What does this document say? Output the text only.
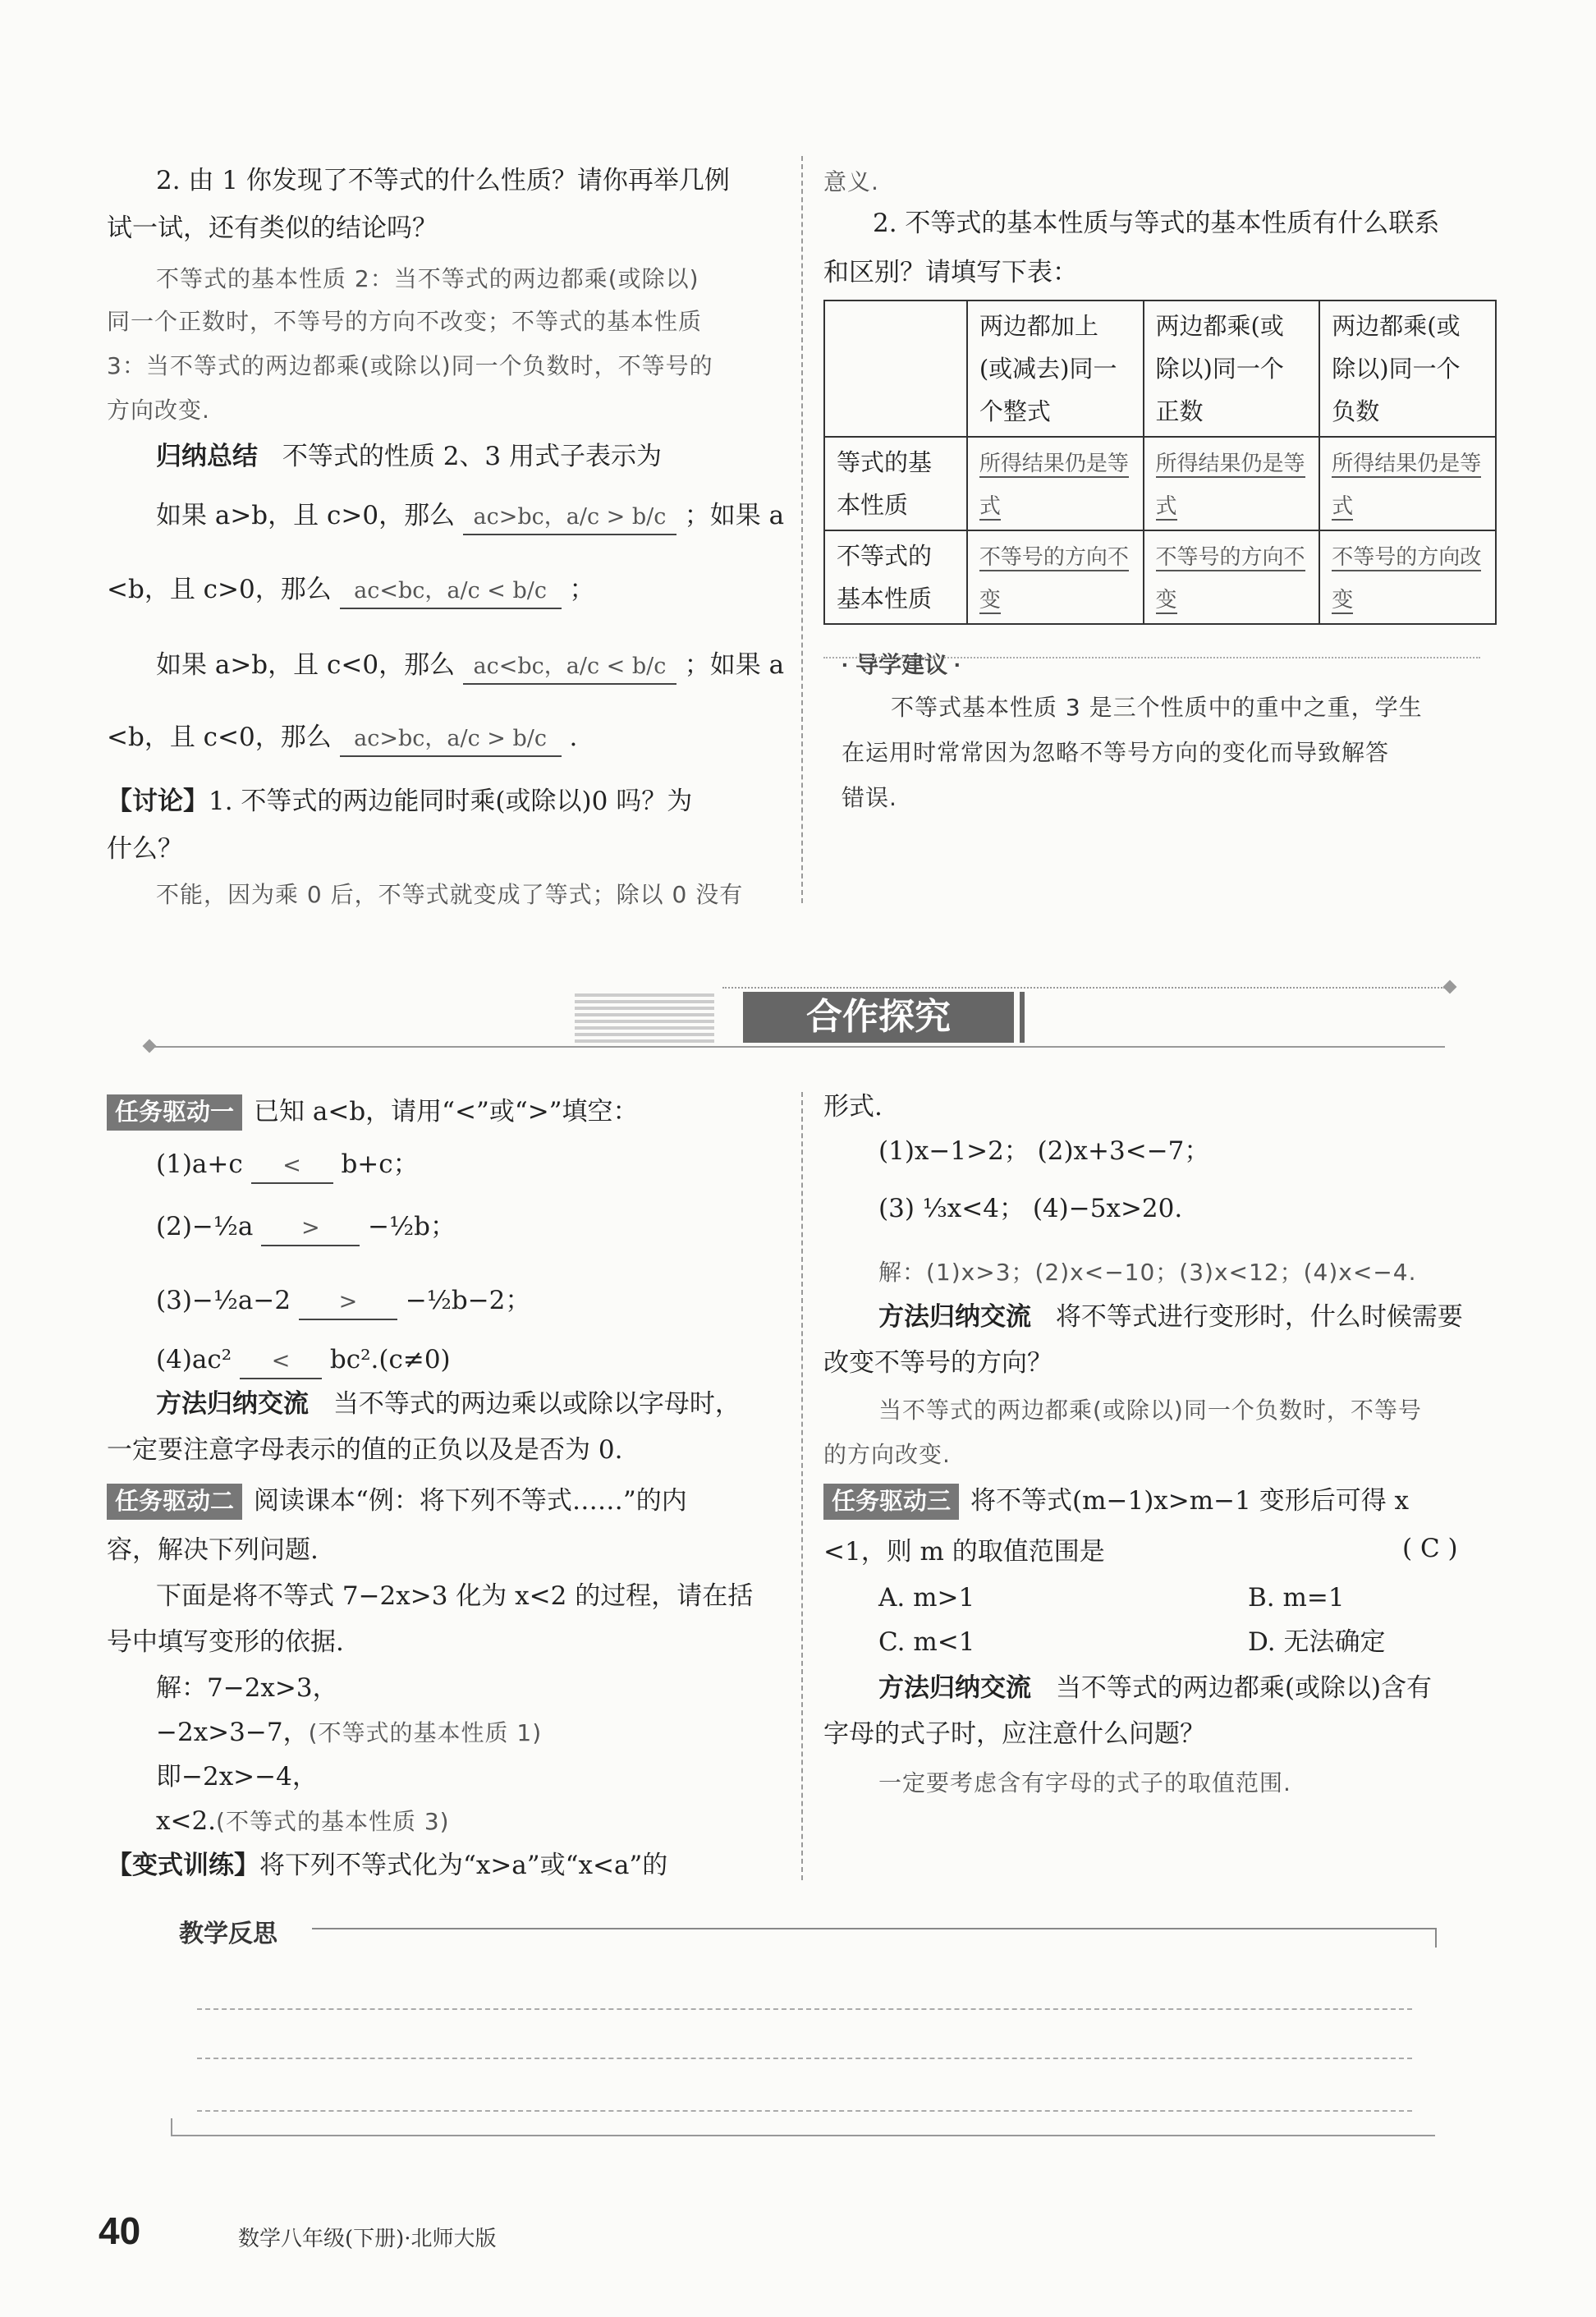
2. 由 1 你发现了不等式的什么性质？请你再举几例
试一试，还有类似的结论吗？
不等式的基本性质 2：当不等式的两边都乘(或除以)
同一个正数时，不等号的方向不改变；不等式的基本性质
3：当不等式的两边都乘(或除以)同一个负数时，不等号的
方向改变.
归纳总结 不等式的性质 2、3 用式子表示为
如果 a>b，且 c>0，那么 ac>bc，a/c > b/c ；如果 a
<b，且 c>0，那么 ac<bc，a/c < b/c ；
如果 a>b，且 c<0，那么 ac<bc，a/c < b/c ；如果 a
<b，且 c<0，那么 ac>bc，a/c > b/c .
【讨论】1. 不等式的两边能同时乘(或除以)0 吗？为
什么？
不能，因为乘 0 后，不等式就变成了等式；除以 0 没有
意义.
2. 不等式的基本性质与等式的基本性质有什么联系
和区别？请填写下表：
	两边都加上(或减去)同一个整式	两边都乘(或除以)同一个正数	两边都乘(或除以)同一个负数
等式的基本性质	所得结果仍是等式	所得结果仍是等式	所得结果仍是等式
不等式的基本性质	不等号的方向不变	不等号的方向不变	不等号的方向改变
· 导学建议 ·
不等式基本性质 3 是三个性质中的重中之重，学生
在运用时常常因为忽略不等号方向的变化而导致解答
错误.
合作探究
任务驱动一 已知 a<b，请用“<”或“>”填空：
(1)a+c < b+c；
(2)−½a > −½b；
(3)−½a−2 > −½b−2；
(4)ac² < bc².(c≠0)
方法归纳交流 当不等式的两边乘以或除以字母时，
一定要注意字母表示的值的正负以及是否为 0.
任务驱动二 阅读课本“例：将下列不等式……”的内
容，解决下列问题.
下面是将不等式 7−2x>3 化为 x<2 的过程，请在括
号中填写变形的依据.
解：7−2x>3，
−2x>3−7，(不等式的基本性质 1)
即−2x>−4，
x<2.(不等式的基本性质 3)
【变式训练】将下列不等式化为“x>a”或“x<a”的
形式.
(1)x−1>2； (2)x+3<−7；
(3) ⅓x<4； (4)−5x>20.
解：(1)x>3；(2)x<−10；(3)x<12；(4)x<−4.
方法归纳交流 将不等式进行变形时，什么时候需要
改变不等号的方向？
当不等式的两边都乘(或除以)同一个负数时，不等号
的方向改变.
任务驱动三 将不等式(m−1)x>m−1 变形后可得 x
<1，则 m 的取值范围是	( C )
A. m>1	B. m=1
C. m<1	D. 无法确定
方法归纳交流 当不等式的两边都乘(或除以)含有
字母的式子时，应注意什么问题？
一定要考虑含有字母的式子的取值范围.
教学反思
40	数学八年级(下册)·北师大版
